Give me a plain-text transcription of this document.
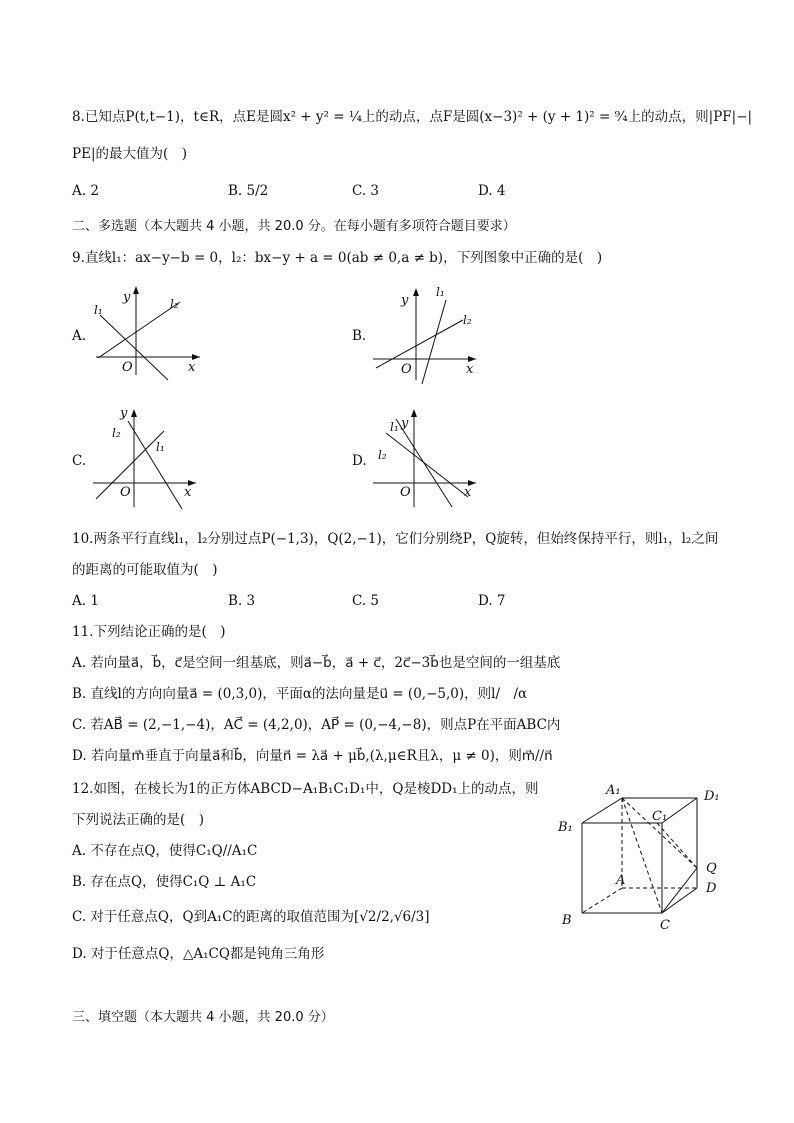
8.已知点P(t,t−1)，t∈R，点E是圆x² + y² = ¼上的动点，点F是圆(x−3)² + (y + 1)² = ⁹⁄₄上的动点，则|PF|−|
PE|的最大值为(　)
A. 2	B. 5/2	C. 3	D. 4
二、多选题（本大题共 4 小题，共 20.0 分。在每小题有多项符合题目要求）
9.直线l₁：ax−y−b = 0，l₂：bx−y + a = 0(ab ≠ 0,a ≠ b)，下列图象中正确的是(　)
A.
x
y
O
l₁	l₂
B.
x
y
O
l₁
l₂
C.
x
y
O
l₁
l₂
D.
x
y
O
l₁
l₂
10.两条平行直线l₁，l₂分别过点P(−1,3)，Q(2,−1)，它们分别绕P，Q旋转，但始终保持平行，则l₁，l₂之间
的距离的可能取值为(　)
A. 1	B. 3	C. 5	D. 7
11.下列结论正确的是(　)
A. 若向量a⃗，b⃗，c⃗是空间一组基底，则a⃗−b⃗，a⃗ + c⃗，2c⃗−3b⃗也是空间的一组基底
B. 直线l的方向向量a⃗ = (0,3,0)，平面α的法向量是u⃗ = (0,−5,0)，则l/　/α
C. 若AB⃗ = (2,−1,−4)，AC⃗ = (4,2,0)，AP⃗ = (0,−4,−8)，则点P在平面ABC内
D. 若向量m⃗垂直于向量a⃗和b⃗，向量n⃗ = λa⃗ + μb⃗,(λ,μ∈R且λ，μ ≠ 0)，则m⃗//n⃗
12.如图，在棱长为1的正方体ABCD−A₁B₁C₁D₁中，Q是棱DD₁上的动点，则
下列说法正确的是(　)
A. 不存在点Q，使得C₁Q//A₁C
B. 存在点Q，使得C₁Q ⊥ A₁C
C. 对于任意点Q，Q到A₁C的距离的取值范围为[√2/2,√6/3]
D. 对于任意点Q，△A₁CQ都是钝角三角形
A₁	D₁
B₁
C₁
Q
A
D
B	C
三、填空题（本大题共 4 小题，共 20.0 分）
